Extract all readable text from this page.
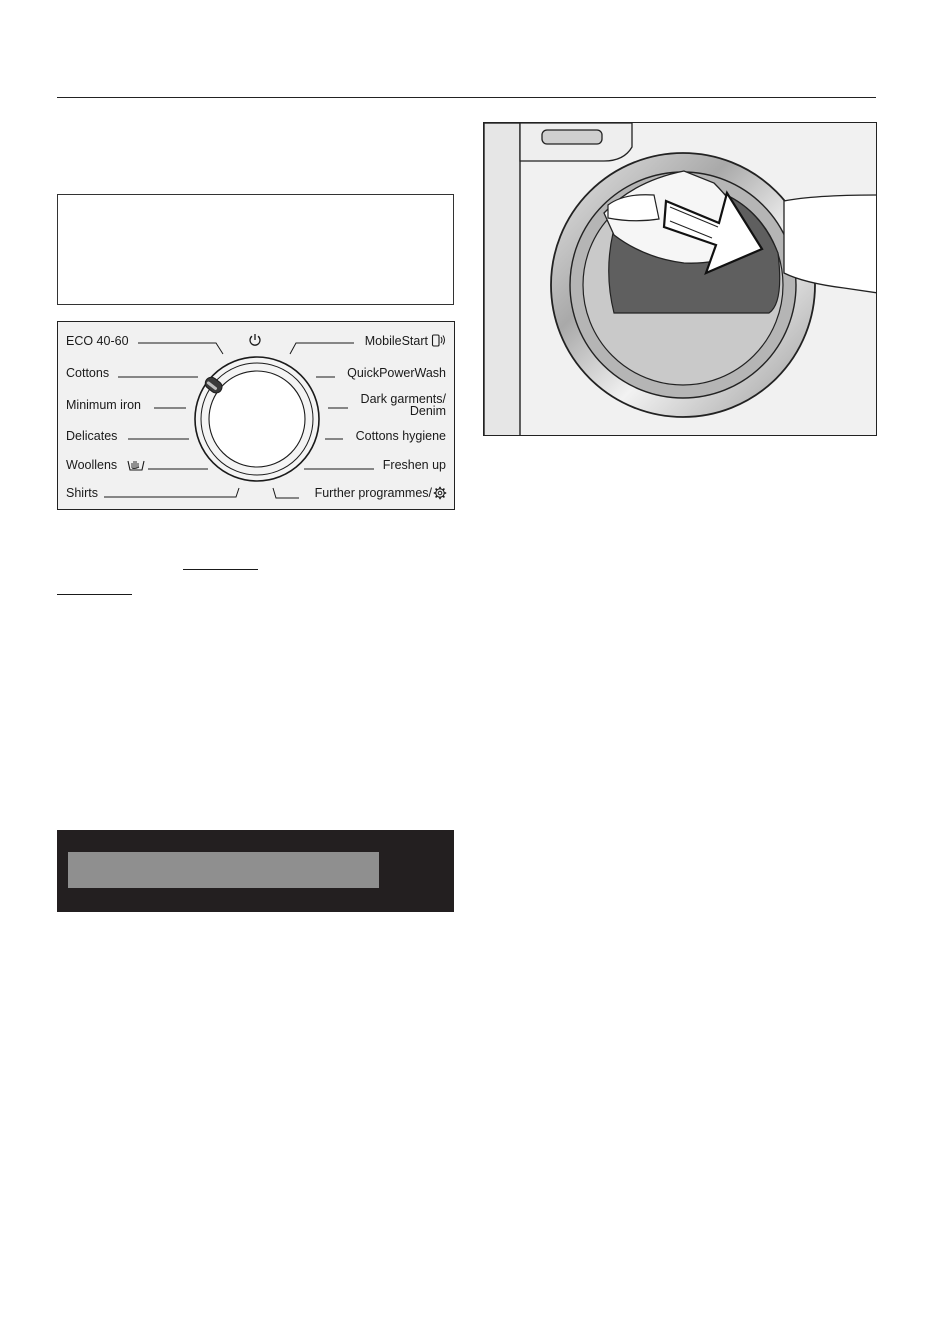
ECO 40-60
Cottons
Minimum iron
Delicates
Woollens
Shirts
MobileStart
QuickPowerWash
Dark garments/
Denim
Cottons hygiene
Freshen up
Further programmes/
